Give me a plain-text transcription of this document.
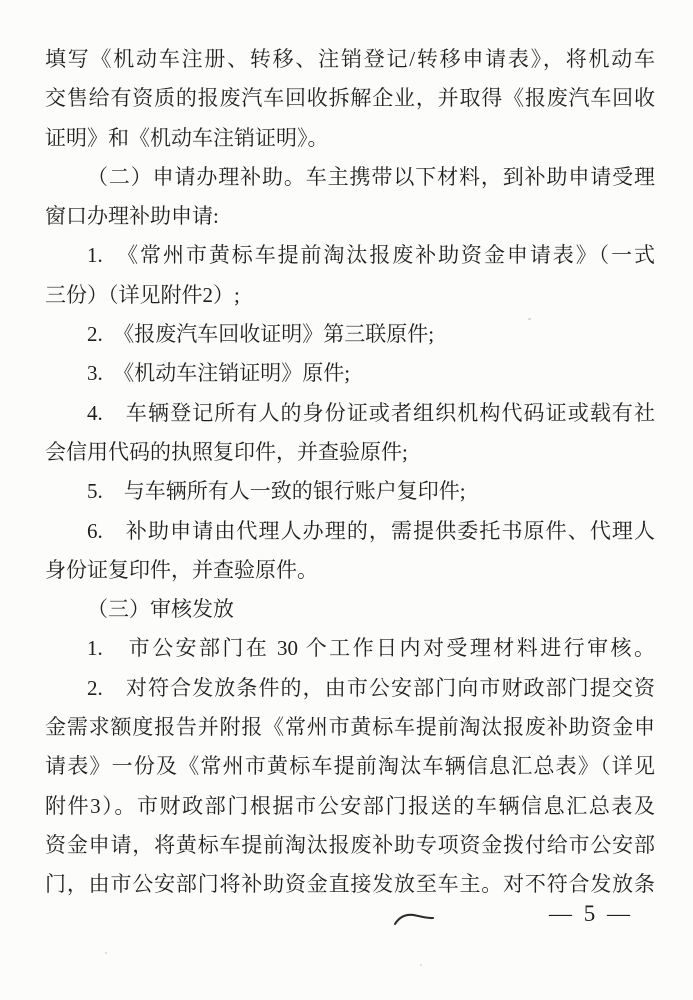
填写《机动车注册、转移、注销登记/转移申请表》，将机动车
交售给有资质的报废汽车回收拆解企业，并取得《报废汽车回收
证明》和《机动车注销证明》。
（二）申请办理补助。车主携带以下材料，到补助申请受理
窗口办理补助申请:
1.　《常州市黄标车提前淘汰报废补助资金申请表》（一式
三份）（详见附件2）;
2.　《报废汽车回收证明》第三联原件;
3.　《机动车注销证明》原件;
4.　车辆登记所有人的身份证或者组织机构代码证或载有社
会信用代码的执照复印件，并查验原件;
5.　与车辆所有人一致的银行账户复印件;
6.　补助申请由代理人办理的，需提供委托书原件、代理人
身份证复印件，并查验原件。
（三）审核发放
1.　市公安部门在 30 个工作日内对受理材料进行审核。
2.　对符合发放条件的，由市公安部门向市财政部门提交资
金需求额度报告并附报《常州市黄标车提前淘汰报废补助资金申
请表》一份及《常州市黄标车提前淘汰车辆信息汇总表》（详见
附件3）。市财政部门根据市公安部门报送的车辆信息汇总表及
资金申请，将黄标车提前淘汰报废补助专项资金拨付给市公安部
门，由市公安部门将补助资金直接发放至车主。对不符合发放条
— 5 —
